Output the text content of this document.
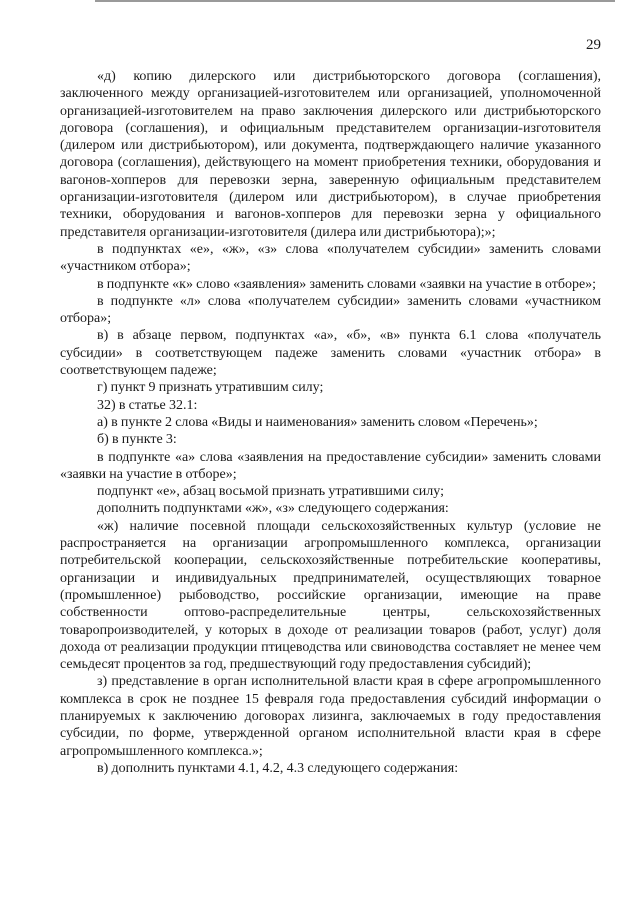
29

«д) копию дилерского или дистрибьюторского договора (соглашения), заключенного между организацией-изготовителем или организацией, уполномоченной организацией-изготовителем на право заключения дилерского или дистрибьюторского договора (соглашения), и официальным представителем организации-изготовителя (дилером или дистрибьютором), или документа, подтверждающего наличие указанного договора (соглашения), действующего на момент приобретения техники, оборудования и вагонов-хопперов для перевозки зерна, заверенную официальным представителем организации-изготовителя (дилером или дистрибьютором), в случае приобретения техники, оборудования и вагонов-хопперов для перевозки зерна у официального представителя организации-изготовителя (дилера или дистрибьютора);»;

в подпунктах «е», «ж», «з» слова «получателем субсидии» заменить словами «участником отбора»;

в подпункте «к» слово «заявления» заменить словами «заявки на участие в отборе»;

в подпункте «л» слова «получателем субсидии» заменить словами «участником отбора»;

в) в абзаце первом, подпунктах «а», «б», «в» пункта 6.1 слова «получатель субсидии» в соответствующем падеже заменить словами «участник отбора» в соответствующем падеже;

г) пункт 9 признать утратившим силу;

32) в статье 32.1:

а) в пункте 2 слова «Виды и наименования» заменить словом «Перечень»;

б) в пункте 3:

в подпункте «а» слова «заявления на предоставление субсидии» заменить словами «заявки на участие в отборе»;

подпункт «е», абзац восьмой признать утратившими силу;

дополнить подпунктами «ж», «з» следующего содержания:

«ж) наличие посевной площади сельскохозяйственных культур (условие не распространяется на организации агропромышленного комплекса, организации потребительской кооперации, сельскохозяйственные потребительские кооперативы, организации и индивидуальных предпринимателей, осуществляющих товарное (промышленное) рыбоводство, российские организации, имеющие на праве собственности оптово-распределительные центры, сельскохозяйственных товаропроизводителей, у которых в доходе от реализации товаров (работ, услуг) доля дохода от реализации продукции птицеводства или свиноводства составляет не менее чем семьдесят процентов за год, предшествующий году предоставления субсидий);

з) представление в орган исполнительной власти края в сфере агропромышленного комплекса в срок не позднее 15 февраля года предоставления субсидий информации о планируемых к заключению договорах лизинга, заключаемых в году предоставления субсидии, по форме, утвержденной органом исполнительной власти края в сфере агропромышленного комплекса.»;

в) дополнить пунктами 4.1, 4.2, 4.3 следующего содержания:
